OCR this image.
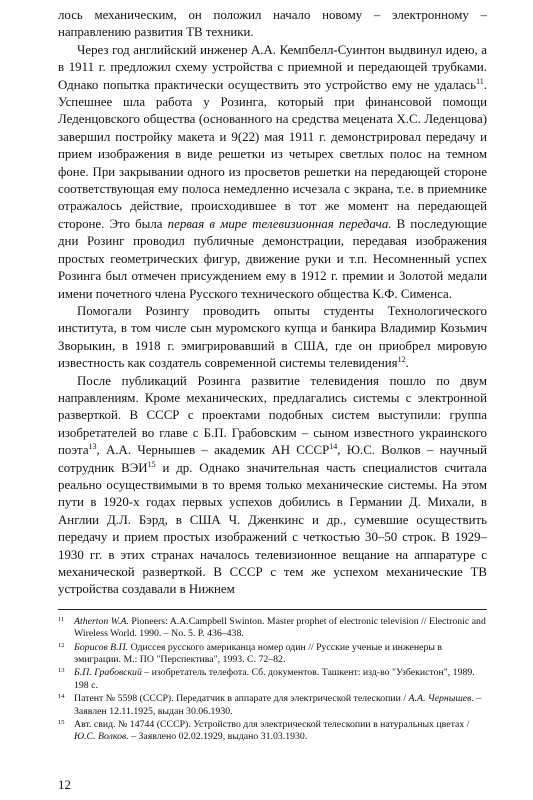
лось механическим, он положил начало новому – электронному – направлению развития ТВ техники.

Через год английский инженер А.А. Кемпбелл-Суинтон выдвинул идею, а в 1911 г. предложил схему устройства с приемной и передающей трубками. Однако попытка практически осуществить это устройство ему не удалась$^{11}$. Успешнее шла работа у Розинга, который при финансовой помощи Леденцовского общества (основанного на средства мецената Х.С. Леденцова) завершил постройку макета и 9(22) мая 1911 г. демонстрировал передачу и прием изображения в виде решетки из четырех светлых полос на темном фоне. При закрывании одного из просветов решетки на передающей стороне соответствующая ему полоса немедленно исчезала с экрана, т.е. в приемнике отражалось действие, происходившее в тот же момент на передающей стороне. Это была первая в мире телевизионная передача. В последующие дни Розинг проводил публичные демонстрации, передавая изображения простых геометрических фигур, движение руки и т.п. Несомненный успех Розинга был отмечен присуждением ему в 1912 г. премии и Золотой медали имени почетного члена Русского технического общества К.Ф. Сименса.

Помогали Розингу проводить опыты студенты Технологического института, в том числе сын муромского купца и банкира Владимир Козьмич Зворыкин, в 1918 г. эмигрировавший в США, где он приобрел мировую известность как создатель современной системы телевидения$^{12}$.

После публикаций Розинга развитие телевидения пошло по двум направлениям. Кроме механических, предлагались системы с электронной разверткой. В СССР с проектами подобных систем выступили: группа изобретателей во главе с Б.П. Грабовским – сыном известного украинского поэта$^{13}$, А.А. Чернышев – академик АН СССР$^{14}$, Ю.С. Волков – научный сотрудник ВЭИ$^{15}$ и др. Однако значительная часть специалистов считала реально осуществимыми в то время только механические системы. На этом пути в 1920-х годах первых успехов добились в Германии Д. Михали, в Англии Д.Л. Бэрд, в США Ч. Дженкинс и др., сумевшие осуществить передачу и прием простых изображений с четкостью 30–50 строк. В 1929–1930 гг. в этих странах началось телевизионное вещание на аппаратуре с механической разверткой. В СССР с тем же успехом механические ТВ устройства создавали в Нижнем

$^{11}$ Atherton W.A. Pioneers: A.A.Campbell Swinton. Master prophet of electronic television // Electronic and Wireless World. 1990. – No. 5. P. 436–438.
$^{12}$ Борисов В.П. Одиссея русского американца номер один // Русские ученые и инженеры в эмиграции. М.: ПО "Перспектива", 1993. С. 72–82.
$^{13}$ Б.П. Грабовский – изобретатель телефота. Сб. документов. Ташкент: изд-во "Узбекистон", 1989. 198 с.
$^{14}$ Патент № 5598 (СССР). Передатчик в аппарате для электрической телескопии / А.А. Чернышев. – Заявлен 12.11.1925, выдан 30.06.1930.
$^{15}$ Авт. свид. № 14744 (СССР). Устройство для электрической телескопии в натуральных цветах / Ю.С. Волков. – Заявлено 02.02.1929, выдано 31.03.1930.
12
